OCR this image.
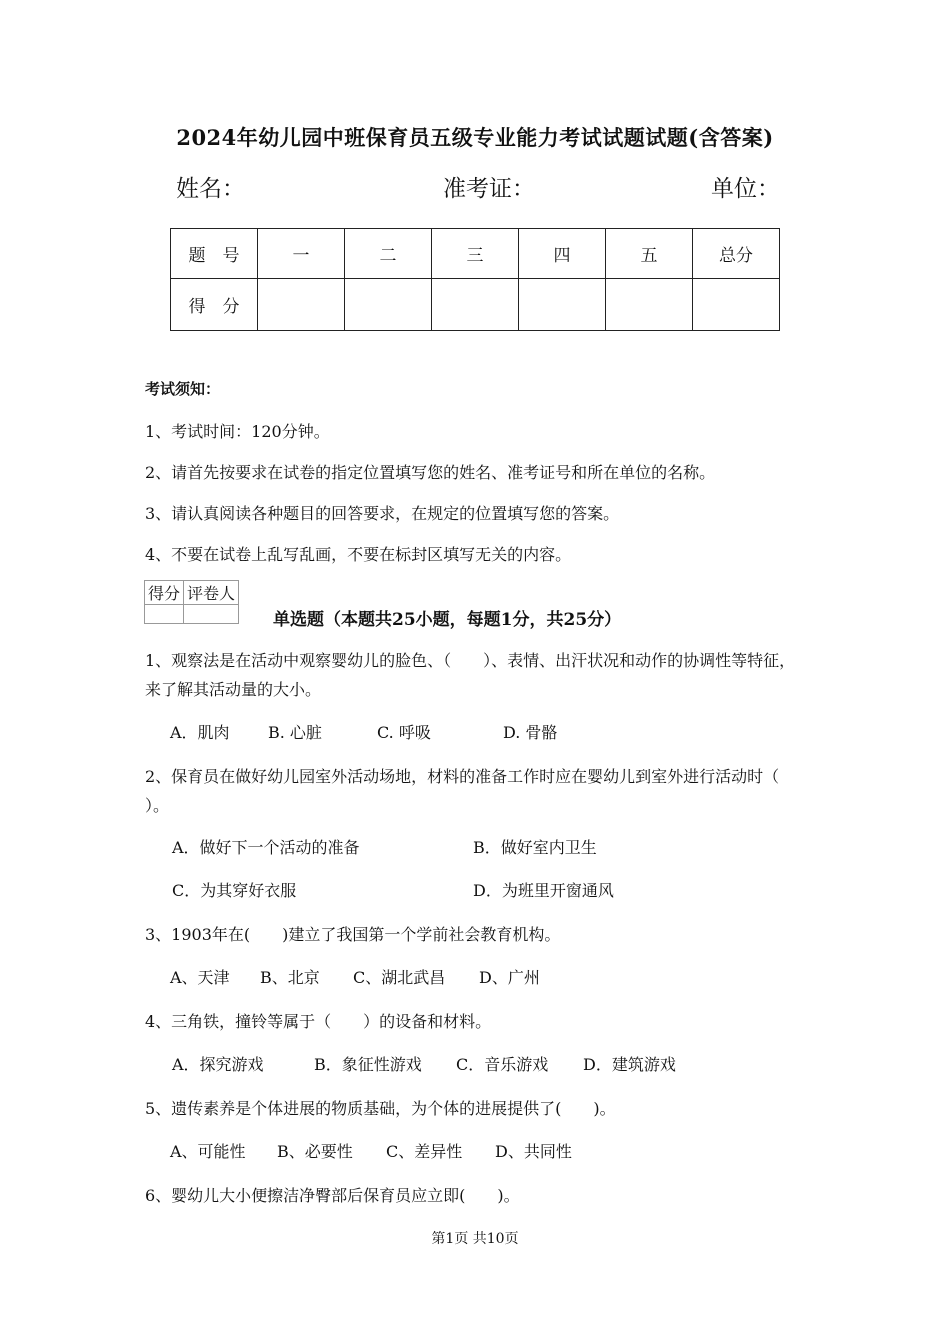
2024年幼儿园中班保育员五级专业能力考试试题试题(含答案)
姓名：	准考证：	单位：
题　号	一	二	三	四	五	总分
得　分						
考试须知：
1、考试时间：120分钟。
2、请首先按要求在试卷的指定位置填写您的姓名、准考证号和所在单位的名称。
3、请认真阅读各种题目的回答要求，在规定的位置填写您的答案。
4、不要在试卷上乱写乱画，不要在标封区填写无关的内容。
得分	评卷人

单选题（本题共25小题，每题1分，共25分）
1、观察法是在活动中观察婴幼儿的脸色、（　　）、表情、出汗状况和动作的协调性等特征，
来了解其活动量的大小。
A．肌肉 B. 心脏	C. 呼吸	D. 骨骼
2、保育员在做好幼儿园室外活动场地，材料的准备工作时应在婴幼儿到室外进行活动时（
）。
A．做好下一个活动的准备	B．做好室内卫生
C．为其穿好衣服	D．为班里开窗通风
3、1903年在(　　)建立了我国第一个学前社会教育机构。
A、天津 B、北京 C、湖北武昌 D、广州
4、三角铁，撞铃等属于（　　）的设备和材料。
A．探究游戏	B．象征性游戏 C．音乐游戏 D．建筑游戏
5、遗传素养是个体进展的物质基础，为个体的进展提供了(　　)。
A、可能性 B、必要性 C、差异性 D、共同性
6、婴幼儿大小便擦洁净臀部后保育员应立即(　　)。
第1页 共10页
